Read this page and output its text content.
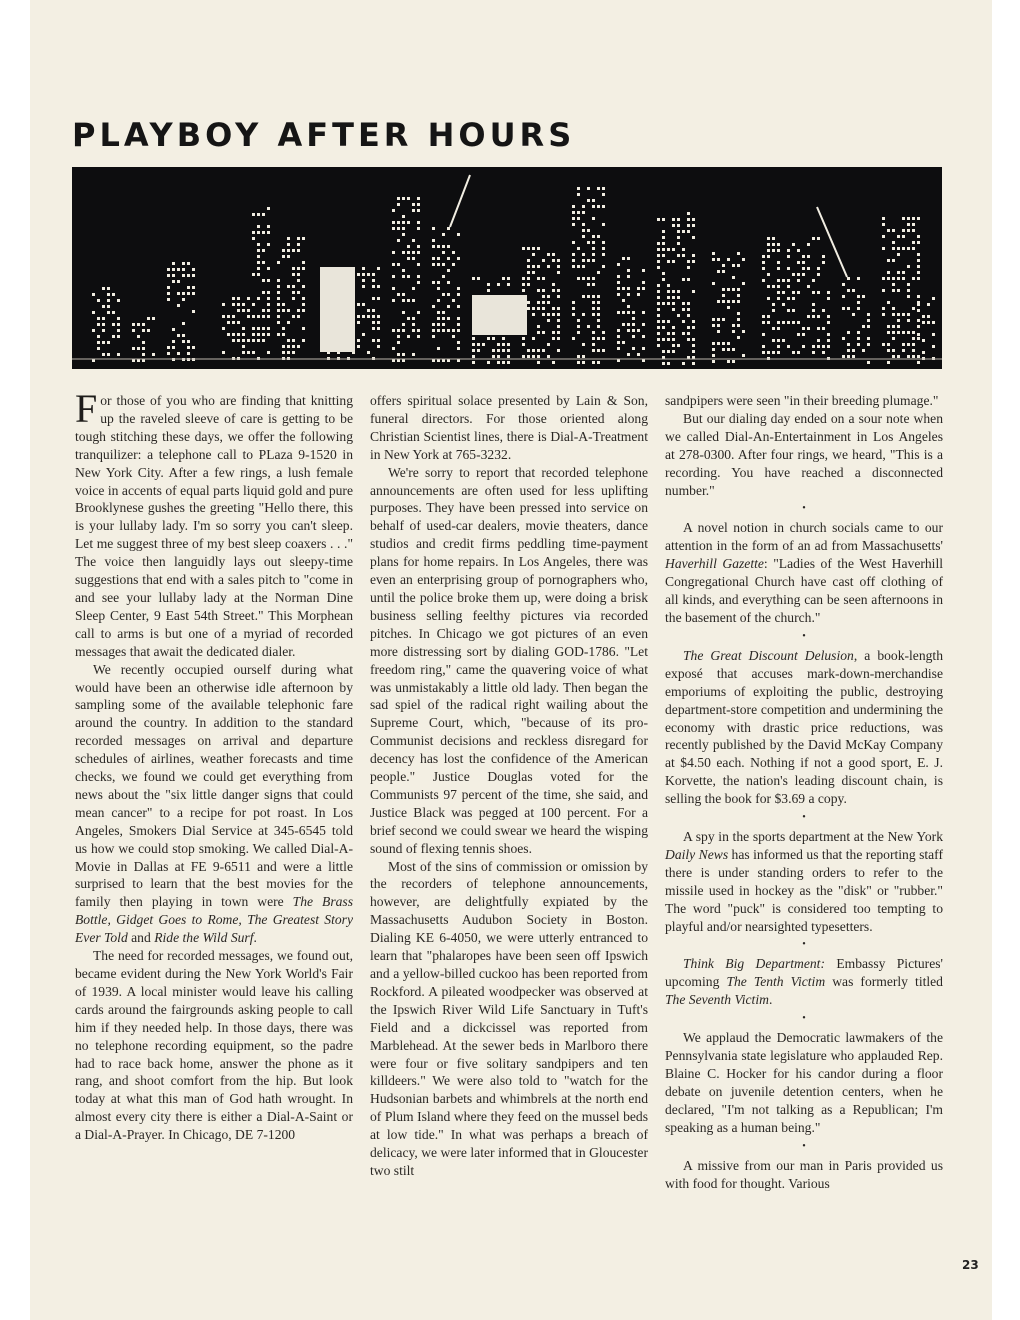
PLAYBOY AFTER HOURS

For those of you who are finding that knitting up the raveled sleeve of care is getting to be tough stitching these days, we offer the following tranquilizer: a telephone call to PLaza 9-1520 in New York City. After a few rings, a lush female voice in accents of equal parts liquid gold and pure Brooklynese gushes the greeting "Hello there, this is your lullaby lady. I'm so sorry you can't sleep. Let me suggest three of my best sleep coaxers . . ." The voice then languidly lays out sleepy-time suggestions that end with a sales pitch to "come in and see your lullaby lady at the Norman Dine Sleep Center, 9 East 54th Street." This Morphean call to arms is but one of a myriad of recorded messages that await the dedicated dialer.

We recently occupied ourself during what would have been an otherwise idle afternoon by sampling some of the available telephonic fare around the country. In addition to the standard recorded messages on arrival and departure schedules of airlines, weather forecasts and time checks, we found we could get everything from news about the "six little danger signs that could mean cancer" to a recipe for pot roast. In Los Angeles, Smokers Dial Service at 345-6545 told us how we could stop smoking. We called Dial-A-Movie in Dallas at FE 9-6511 and were a little surprised to learn that the best movies for the family then playing in town were The Brass Bottle, Gidget Goes to Rome, The Greatest Story Ever Told and Ride the Wild Surf.

The need for recorded messages, we found out, became evident during the New York World's Fair of 1939. A local minister would leave his calling cards around the fairgrounds asking people to call him if they needed help. In those days, there was no telephone recording equipment, so the padre had to race back home, answer the phone as it rang, and shoot comfort from the hip. But look today at what this man of God hath wrought. In almost every city there is either a Dial-A-Saint or a Dial-A-Prayer. In Chicago, DE 7-1200

offers spiritual solace presented by Lain & Son, funeral directors. For those oriented along Christian Scientist lines, there is Dial-A-Treatment in New York at 765-3232.

We're sorry to report that recorded telephone announcements are often used for less uplifting purposes. They have been pressed into service on behalf of used-car dealers, movie theaters, dance studios and credit firms peddling time-payment plans for home repairs. In Los Angeles, there was even an enterprising group of pornographers who, until the police broke them up, were doing a brisk business selling feelthy pictures via recorded pitches. In Chicago we got pictures of an even more distressing sort by dialing GOD-1786. "Let freedom ring," came the quavering voice of what was unmistakably a little old lady. Then began the sad spiel of the radical right wailing about the Supreme Court, which, "because of its pro-Communist decisions and reckless disregard for decency has lost the confidence of the American people." Justice Douglas voted for the Communists 97 percent of the time, she said, and Justice Black was pegged at 100 percent. For a brief second we could swear we heard the wisping sound of flexing tennis shoes.

Most of the sins of commission or omission by the recorders of telephone announcements, however, are delightfully expiated by the Massachusetts Audubon Society in Boston. Dialing KE 6-4050, we were utterly entranced to learn that "phalaropes have been seen off Ipswich and a yellow-billed cuckoo has been reported from Rockford. A pileated woodpecker was observed at the Ipswich River Wild Life Sanctuary in Tuft's Field and a dickcissel was reported from Marblehead. At the sewer beds in Marlboro there were four or five solitary sandpipers and ten killdeers." We were also told to "watch for the Hudsonian barbets and whimbrels at the north end of Plum Island where they feed on the mussel beds at low tide." In what was perhaps a breach of delicacy, we were later informed that in Gloucester two stilt

sandpipers were seen "in their breeding plumage."

But our dialing day ended on a sour note when we called Dial-An-Entertainment in Los Angeles at 278-0300. After four rings, we heard, "This is a recording. You have reached a disconnected number."

•

A novel notion in church socials came to our attention in the form of an ad from Massachusetts' Haverhill Gazette: "Ladies of the West Haverhill Congregational Church have cast off clothing of all kinds, and everything can be seen afternoons in the basement of the church."

•

The Great Discount Delusion, a book-length exposé that accuses mark-down-merchandise emporiums of exploiting the public, destroying department-store competition and undermining the economy with drastic price reductions, was recently published by the David McKay Company at $4.50 each. Nothing if not a good sport, E. J. Korvette, the nation's leading discount chain, is selling the book for $3.69 a copy.

•

A spy in the sports department at the New York Daily News has informed us that the reporting staff there is under standing orders to refer to the missile used in hockey as the "disk" or "rubber." The word "puck" is considered too tempting to playful and/or nearsighted typesetters.

•

Think Big Department: Embassy Pictures' upcoming The Tenth Victim was formerly titled The Seventh Victim.

•

We applaud the Democratic lawmakers of the Pennsylvania state legislature who applauded Rep. Blaine C. Hocker for his candor during a floor debate on juvenile detention centers, when he declared, "I'm not talking as a Republican; I'm speaking as a human being."

•

A missive from our man in Paris provided us with food for thought. Various

23
